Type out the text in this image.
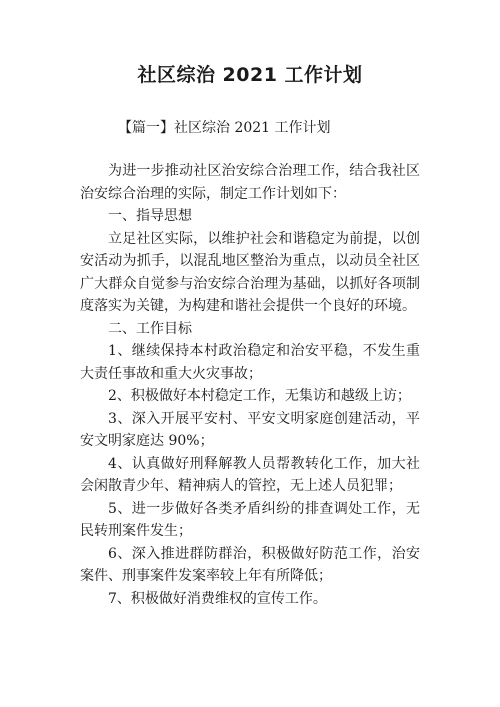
社区综治 2021 工作计划
【篇一】社区综治 2021 工作计划

为进一步推动社区治安综合治理工作，结合我社区治安综合治理的实际，制定工作计划如下：

一、指导思想

立足社区实际，以维护社会和谐稳定为前提，以创安活动为抓手，以混乱地区整治为重点，以动员全社区广大群众自觉参与治安综合治理为基础，以抓好各项制度落实为关键，为构建和谐社会提供一个良好的环境。

二、工作目标

1、继续保持本村政治稳定和治安平稳，不发生重大责任事故和重大火灾事故；

2、积极做好本村稳定工作，无集访和越级上访；

3、深入开展平安村、平安文明家庭创建活动，平安文明家庭达 90%；

4、认真做好刑释解教人员帮教转化工作，加大社会闲散青少年、精神病人的管控，无上述人员犯罪；

5、进一步做好各类矛盾纠纷的排查调处工作，无民转刑案件发生；

6、深入推进群防群治，积极做好防范工作，治安案件、刑事案件发案率较上年有所降低；

7、积极做好消费维权的宣传工作。
